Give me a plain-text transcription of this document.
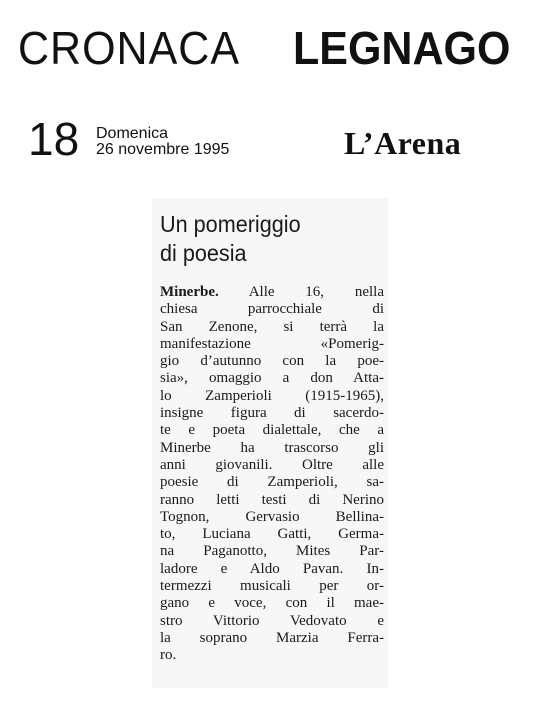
CRONACA LEGNAGO
18 Domenica
26 novembre 1995	L’Arena
Un pomeriggio
di poesia
Minerbe. Alle 16, nella
chiesa parrocchiale di
San Zenone, si terrà la
manifestazione «Pomerig-
gio d’autunno con la poe-
sia», omaggio a don Atta-
lo Zamperioli (1915-1965),
insigne figura di sacerdo-
te e poeta dialettale, che a
Minerbe ha trascorso gli
anni giovanili. Oltre alle
poesie di Zamperioli, sa-
ranno letti testi di Nerino
Tognon, Gervasio Bellina-
to, Luciana Gatti, Germa-
na Paganotto, Mites Par-
ladore e Aldo Pavan. In-
termezzi musicali per or-
gano e voce, con il mae-
stro Vittorio Vedovato e
la soprano Marzia Ferra-
ro.
